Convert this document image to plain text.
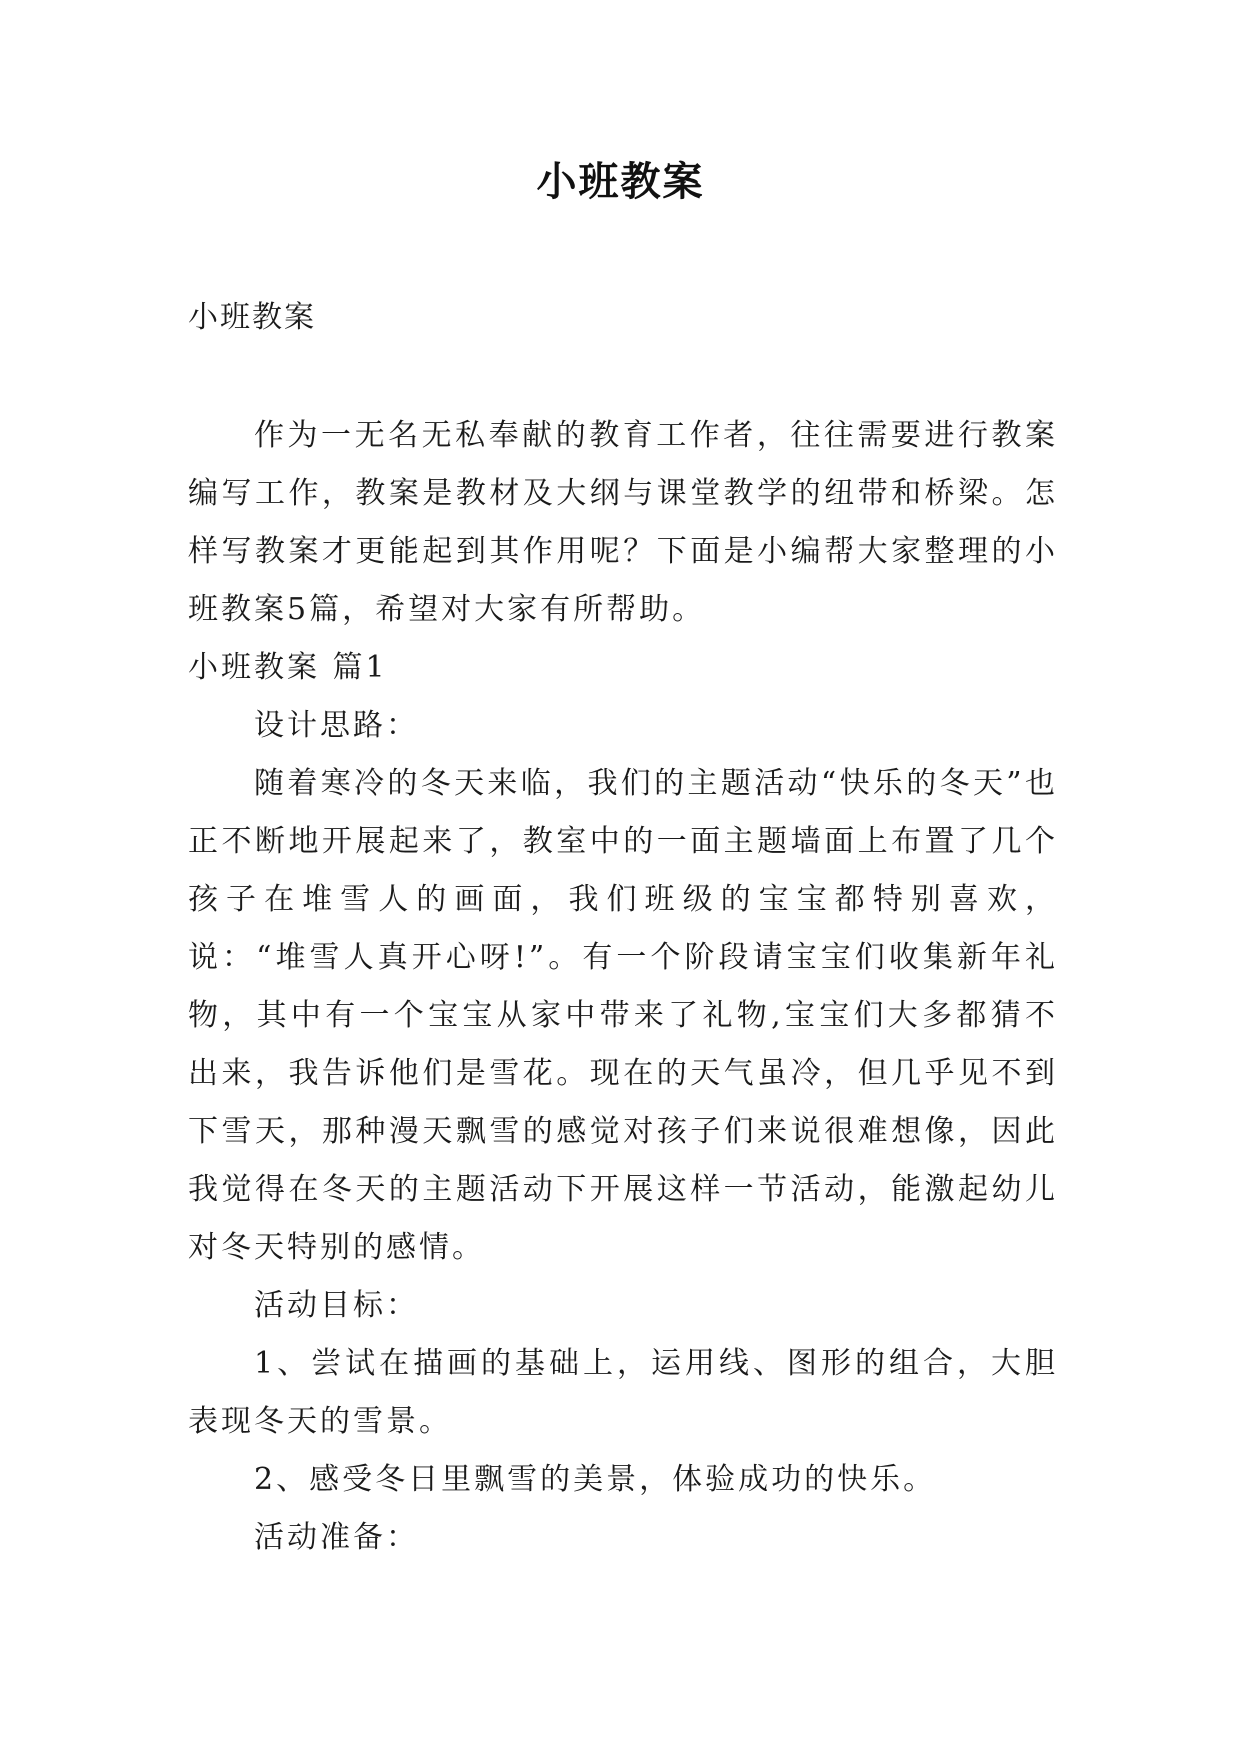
小班教案
小班教案

作为一无名无私奉献的教育工作者，往往需要进行教案编写工作，教案是教材及大纲与课堂教学的纽带和桥梁。怎样写教案才更能起到其作用呢？下面是小编帮大家整理的小班教案5篇，希望对大家有所帮助。

小班教案 篇1

设计思路：

随着寒冷的冬天来临，我们的主题活动“快乐的冬天”也正不断地开展起来了，教室中的一面主题墙面上布置了几个孩子在堆雪人的画面，我们班级的宝宝都特别喜欢，说：“堆雪人真开心呀!”。有一个阶段请宝宝们收集新年礼物，其中有一个宝宝从家中带来了礼物,宝宝们大多都猜不出来，我告诉他们是雪花。现在的天气虽冷，但几乎见不到下雪天，那种漫天飘雪的感觉对孩子们来说很难想像，因此我觉得在冬天的主题活动下开展这样一节活动，能激起幼儿对冬天特别的感情。

活动目标：

1、尝试在描画的基础上，运用线、图形的组合，大胆表现冬天的雪景。

2、感受冬日里飘雪的美景，体验成功的快乐。

活动准备：
